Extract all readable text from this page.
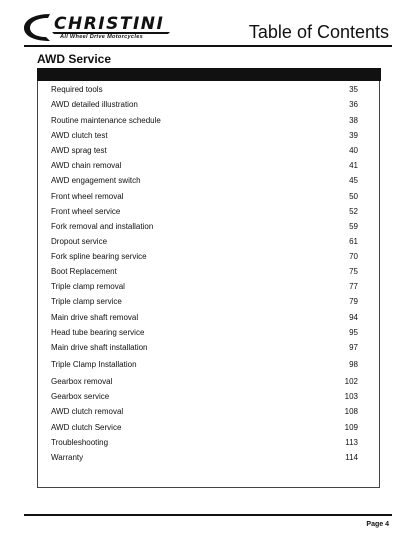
CHRISTINI
All Wheel Drive Motorcycles	Table of Contents
AWD Service
Required tools	35
AWD detailed illustration	36
Routine maintenance schedule	38
AWD clutch test	39
AWD sprag test	40
AWD chain removal	41
AWD engagement switch	45
Front wheel removal	50
Front wheel service	52
Fork removal and installation	59
Dropout service	61
Fork spline bearing service	70
Boot Replacement	75
Triple clamp removal	77
Triple clamp service	79
Main drive shaft removal	94
Head tube bearing service	95
Main drive shaft installation	97
Triple Clamp Installation	98
Gearbox removal	102
Gearbox service	103
AWD clutch removal	108
AWD clutch Service	109
Troubleshooting	113
Warranty	114
Page 4
